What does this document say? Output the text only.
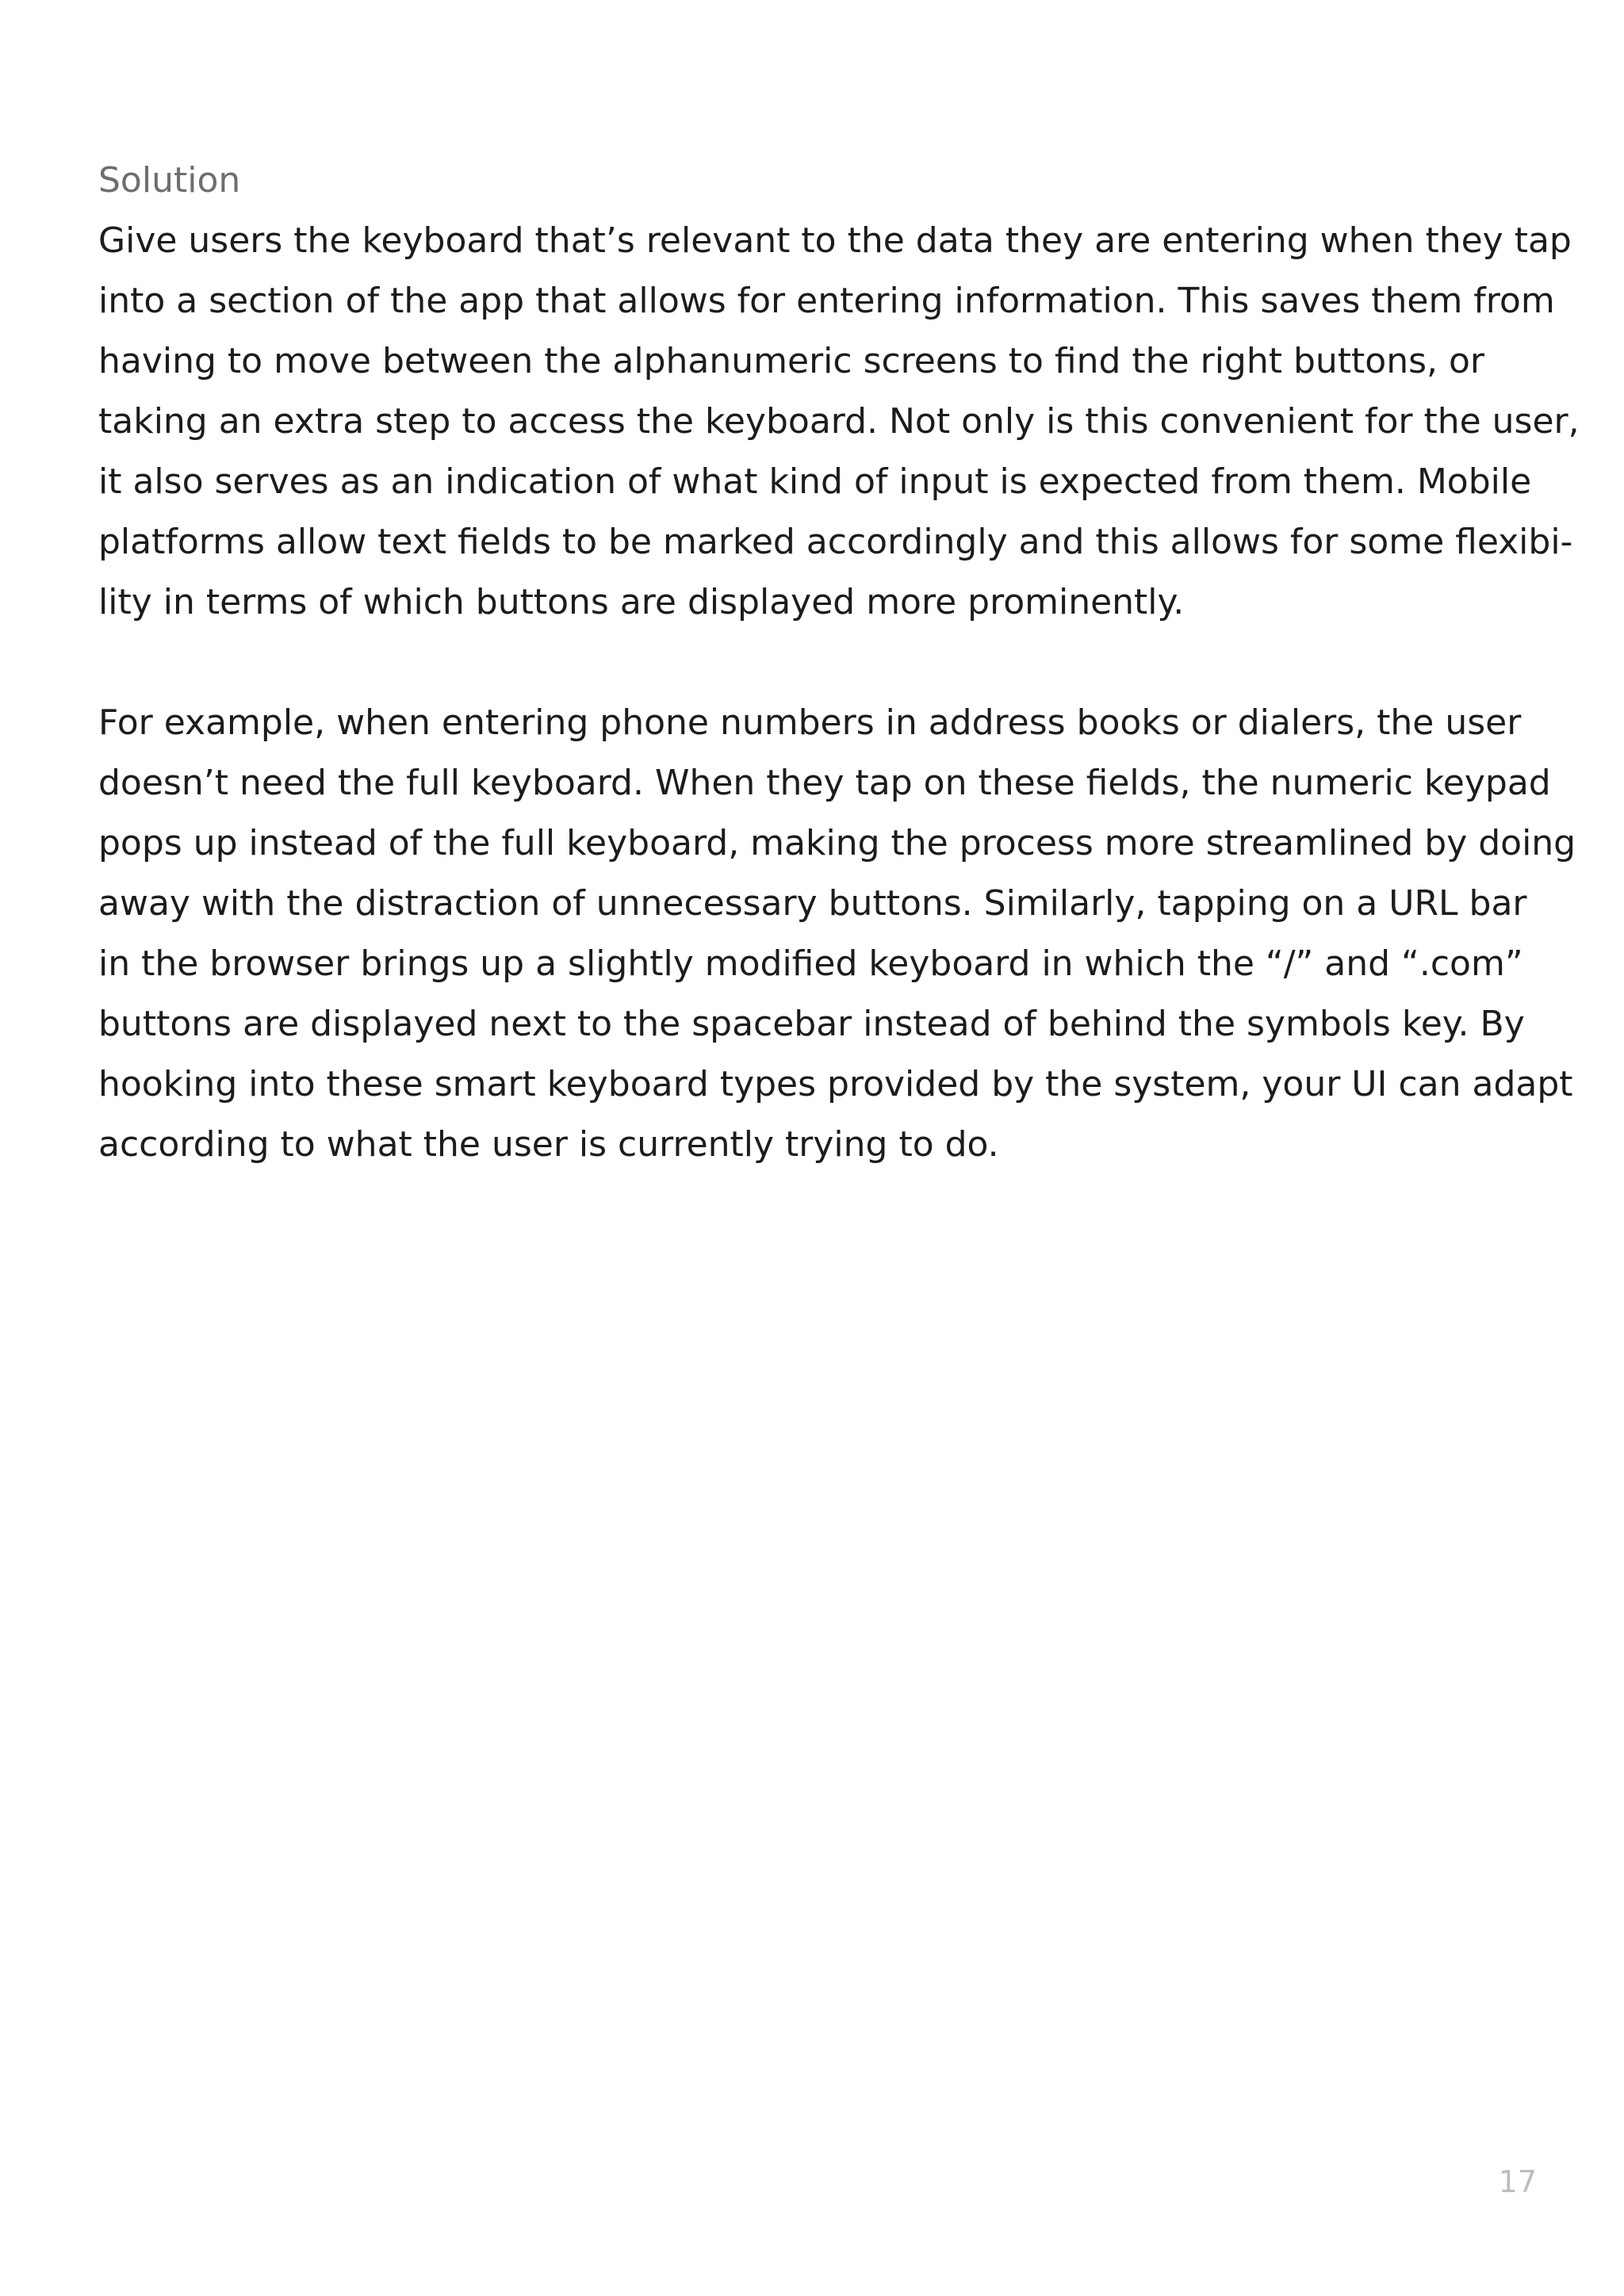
Solution

Give users the keyboard that’s relevant to the data they are entering when they tap
into a section of the app that allows for entering information. This saves them from
having to move between the alphanumeric screens to find the right buttons, or
taking an extra step to access the keyboard. Not only is this convenient for the user,
it also serves as an indication of what kind of input is expected from them. Mobile
platforms allow text fields to be marked accordingly and this allows for some flexibi-
lity in terms of which buttons are displayed more prominently.

For example, when entering phone numbers in address books or dialers, the user
doesn’t need the full keyboard. When they tap on these fields, the numeric keypad
pops up instead of the full keyboard, making the process more streamlined by doing
away with the distraction of unnecessary buttons. Similarly, tapping on a URL bar
in the browser brings up a slightly modified keyboard in which the “/” and “.com”
buttons are displayed next to the spacebar instead of behind the symbols key. By
hooking into these smart keyboard types provided by the system, your UI can adapt
according to what the user is currently trying to do.

17
